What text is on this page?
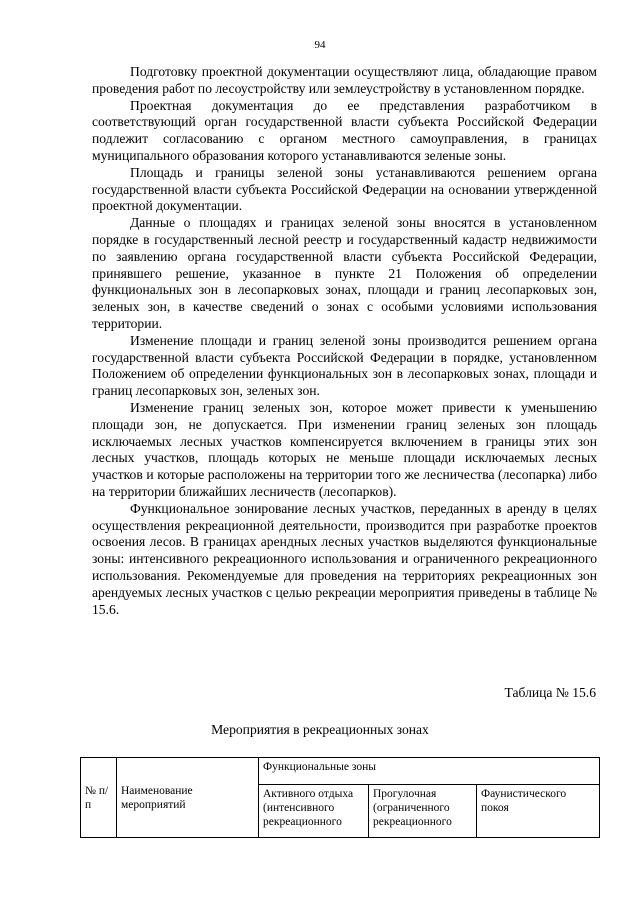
94

Подготовку проектной документации осуществляют лица, обладающие правом проведения работ по лесоустройству или землеустройству в установленном порядке.

Проектная документация до ее представления разработчиком в соответствующий орган государственной власти субъекта Российской Федерации подлежит согласованию с органом местного самоуправления, в границах муниципального образования которого устанавливаются зеленые зоны.

Площадь и границы зеленой зоны устанавливаются решением органа государственной власти субъекта Российской Федерации на основании утвержденной проектной документации.

Данные о площадях и границах зеленой зоны вносятся в установленном порядке в государственный лесной реестр и государственный кадастр недвижимости по заявлению органа государственной власти субъекта Российской Федерации, принявшего решение, указанное в пункте 21 Положения об определении функциональных зон в лесопарковых зонах, площади и границ лесопарковых зон, зеленых зон, в качестве сведений о зонах с особыми условиями использования территории.

Изменение площади и границ зеленой зоны производится решением органа государственной власти субъекта Российской Федерации в порядке, установленном Положением об определении функциональных зон в лесопарковых зонах, площади и границ лесопарковых зон, зеленых зон.

Изменение границ зеленых зон, которое может привести к уменьшению площади зон, не допускается. При изменении границ зеленых зон площадь исключаемых лесных участков компенсируется включением в границы этих зон лесных участков, площадь которых не меньше площади исключаемых лесных участков и которые расположены на территории того же лесничества (лесопарка) либо на территории ближайших лесничеств (лесопарков).

Функциональное зонирование лесных участков, переданных в аренду в целях осуществления рекреационной деятельности, производится при разработке проектов освоения лесов. В границах арендных лесных участков выделяются функциональные зоны: интенсивного рекреационного использования и ограниченного рекреационного использования. Рекомендуемые для проведения на территориях рекреационных зон арендуемых лесных участков с целью рекреации мероприятия приведены в таблице № 15.6.

Таблица № 15.6
Мероприятия в рекреационных зонах
№ п/п	Наименование мероприятий	Функциональные зоны		
		Активного отдыха (интенсивного рекреационного	Прогулочная (ограниченного рекреационного	Фаунистического покоя
